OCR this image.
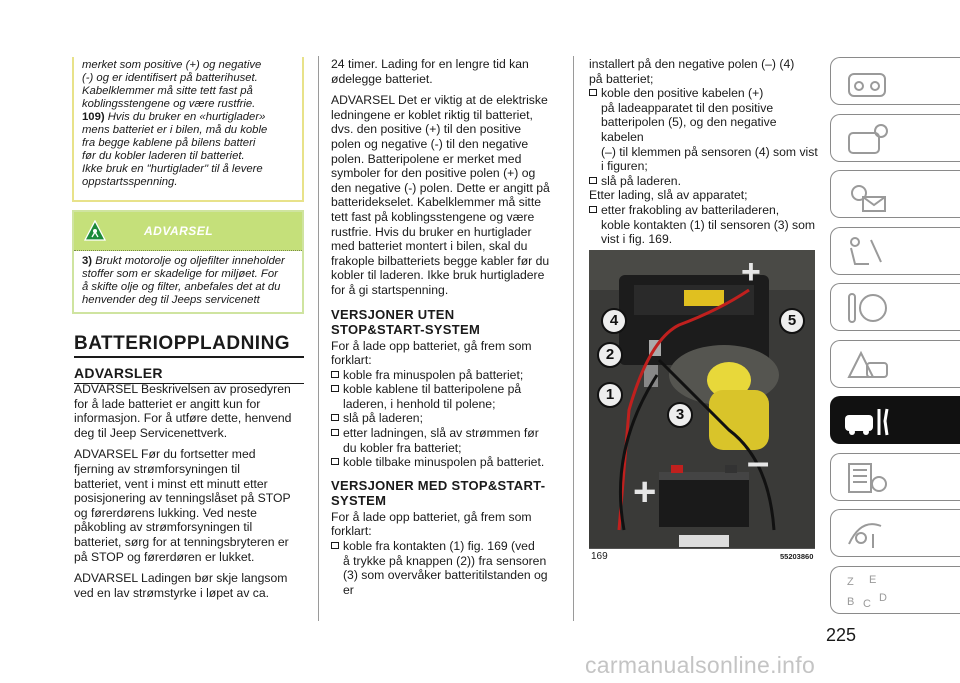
merket som positive (+) og negative
(-) og er identifisert på batterihuset.
Kabelklemmer må sitte tett fast på
koblingsstengene og være rustfrie.
109) Hvis du bruker en «hurtiglader»
mens batteriet er i bilen, må du koble
fra begge kablene på bilens batteri
før du kobler laderen til batteriet.
Ikke bruk en "hurtiglader" til å levere
oppstartsspenning.
ADVARSEL
3) Brukt motorolje og oljefilter inneholder
stoffer som er skadelige for miljøet. For
å skifte olje og filter, anbefales det at du
henvender deg til Jeeps servicenett

BATTERIOPPLADNING

ADVARSLER

ADVARSEL Beskrivelsen av prosedyren
for å lade batteriet er angitt kun for
informasjon. For å utføre dette, henvend
deg til Jeep Servicenettverk.
ADVARSEL Før du fortsetter med
fjerning av strømforsyningen til
batteriet, vent i minst ett minutt etter
posisjonering av tenningslåset på STOP
og førerdørens lukking. Ved neste
påkobling av strømforsyningen til
batteriet, sørg for at tenningsbryteren er
på STOP og førerdøren er lukket.
ADVARSEL Ladingen bør skje langsom
ved en lav strømstyrke i løpet av ca.
24 timer. Lading for en lengre tid kan
ødelegge batteriet.
ADVARSEL Det er viktig at de elektriske
ledningene er koblet riktig til batteriet,
dvs. den positive (+) til den positive
polen og negative (-) til den negative
polen. Batteripolene er merket med
symboler for den positive polen (+) og
den negative (-) polen. Dette er angitt på
batteridekselet. Kabelklemmer må sitte
tett fast på koblingsstengene og være
rustfrie. Hvis du bruker en hurtiglader
med batteriet montert i bilen, skal du
frakople bilbatteriets begge kabler før du
kobler til laderen. Ikke bruk hurtigladere
for å gi startspenning.
VERSJONER UTEN
STOP&START-SYSTEM
For å lade opp batteriet, gå frem som
forklart:
koble fra minuspolen på batteriet;
koble kablene til batteripolene på
laderen, i henhold til polene;
slå på laderen;
etter ladningen, slå av strømmen før
du kobler fra batteriet;
koble tilbake minuspolen på batteriet.
VERSJONER MED STOP&START-
SYSTEM
For å lade opp batteriet, gå frem som
forklart:
koble fra kontakten (1) fig. 169 (ved
å trykke på knappen (2)) fra sensoren
(3) som overvåker batteritilstanden og er
installert på den negative polen (–) (4)
på batteriet;
koble den positive kabelen (+)
på ladeapparatet til den positive
batteripolen (5), og den negative kabelen
(–) til klemmen på sensoren (4) som vist
i figuren;
slå på laderen.
Etter lading, slå av apparatet;
etter frakobling av batteriladeren,
koble kontakten (1) til sensoren (3) som
vist i fig. 169.
+
+
–
4	5
2
1
3
169	55203860
225
carmanualsonline.info
Z E
B C D
